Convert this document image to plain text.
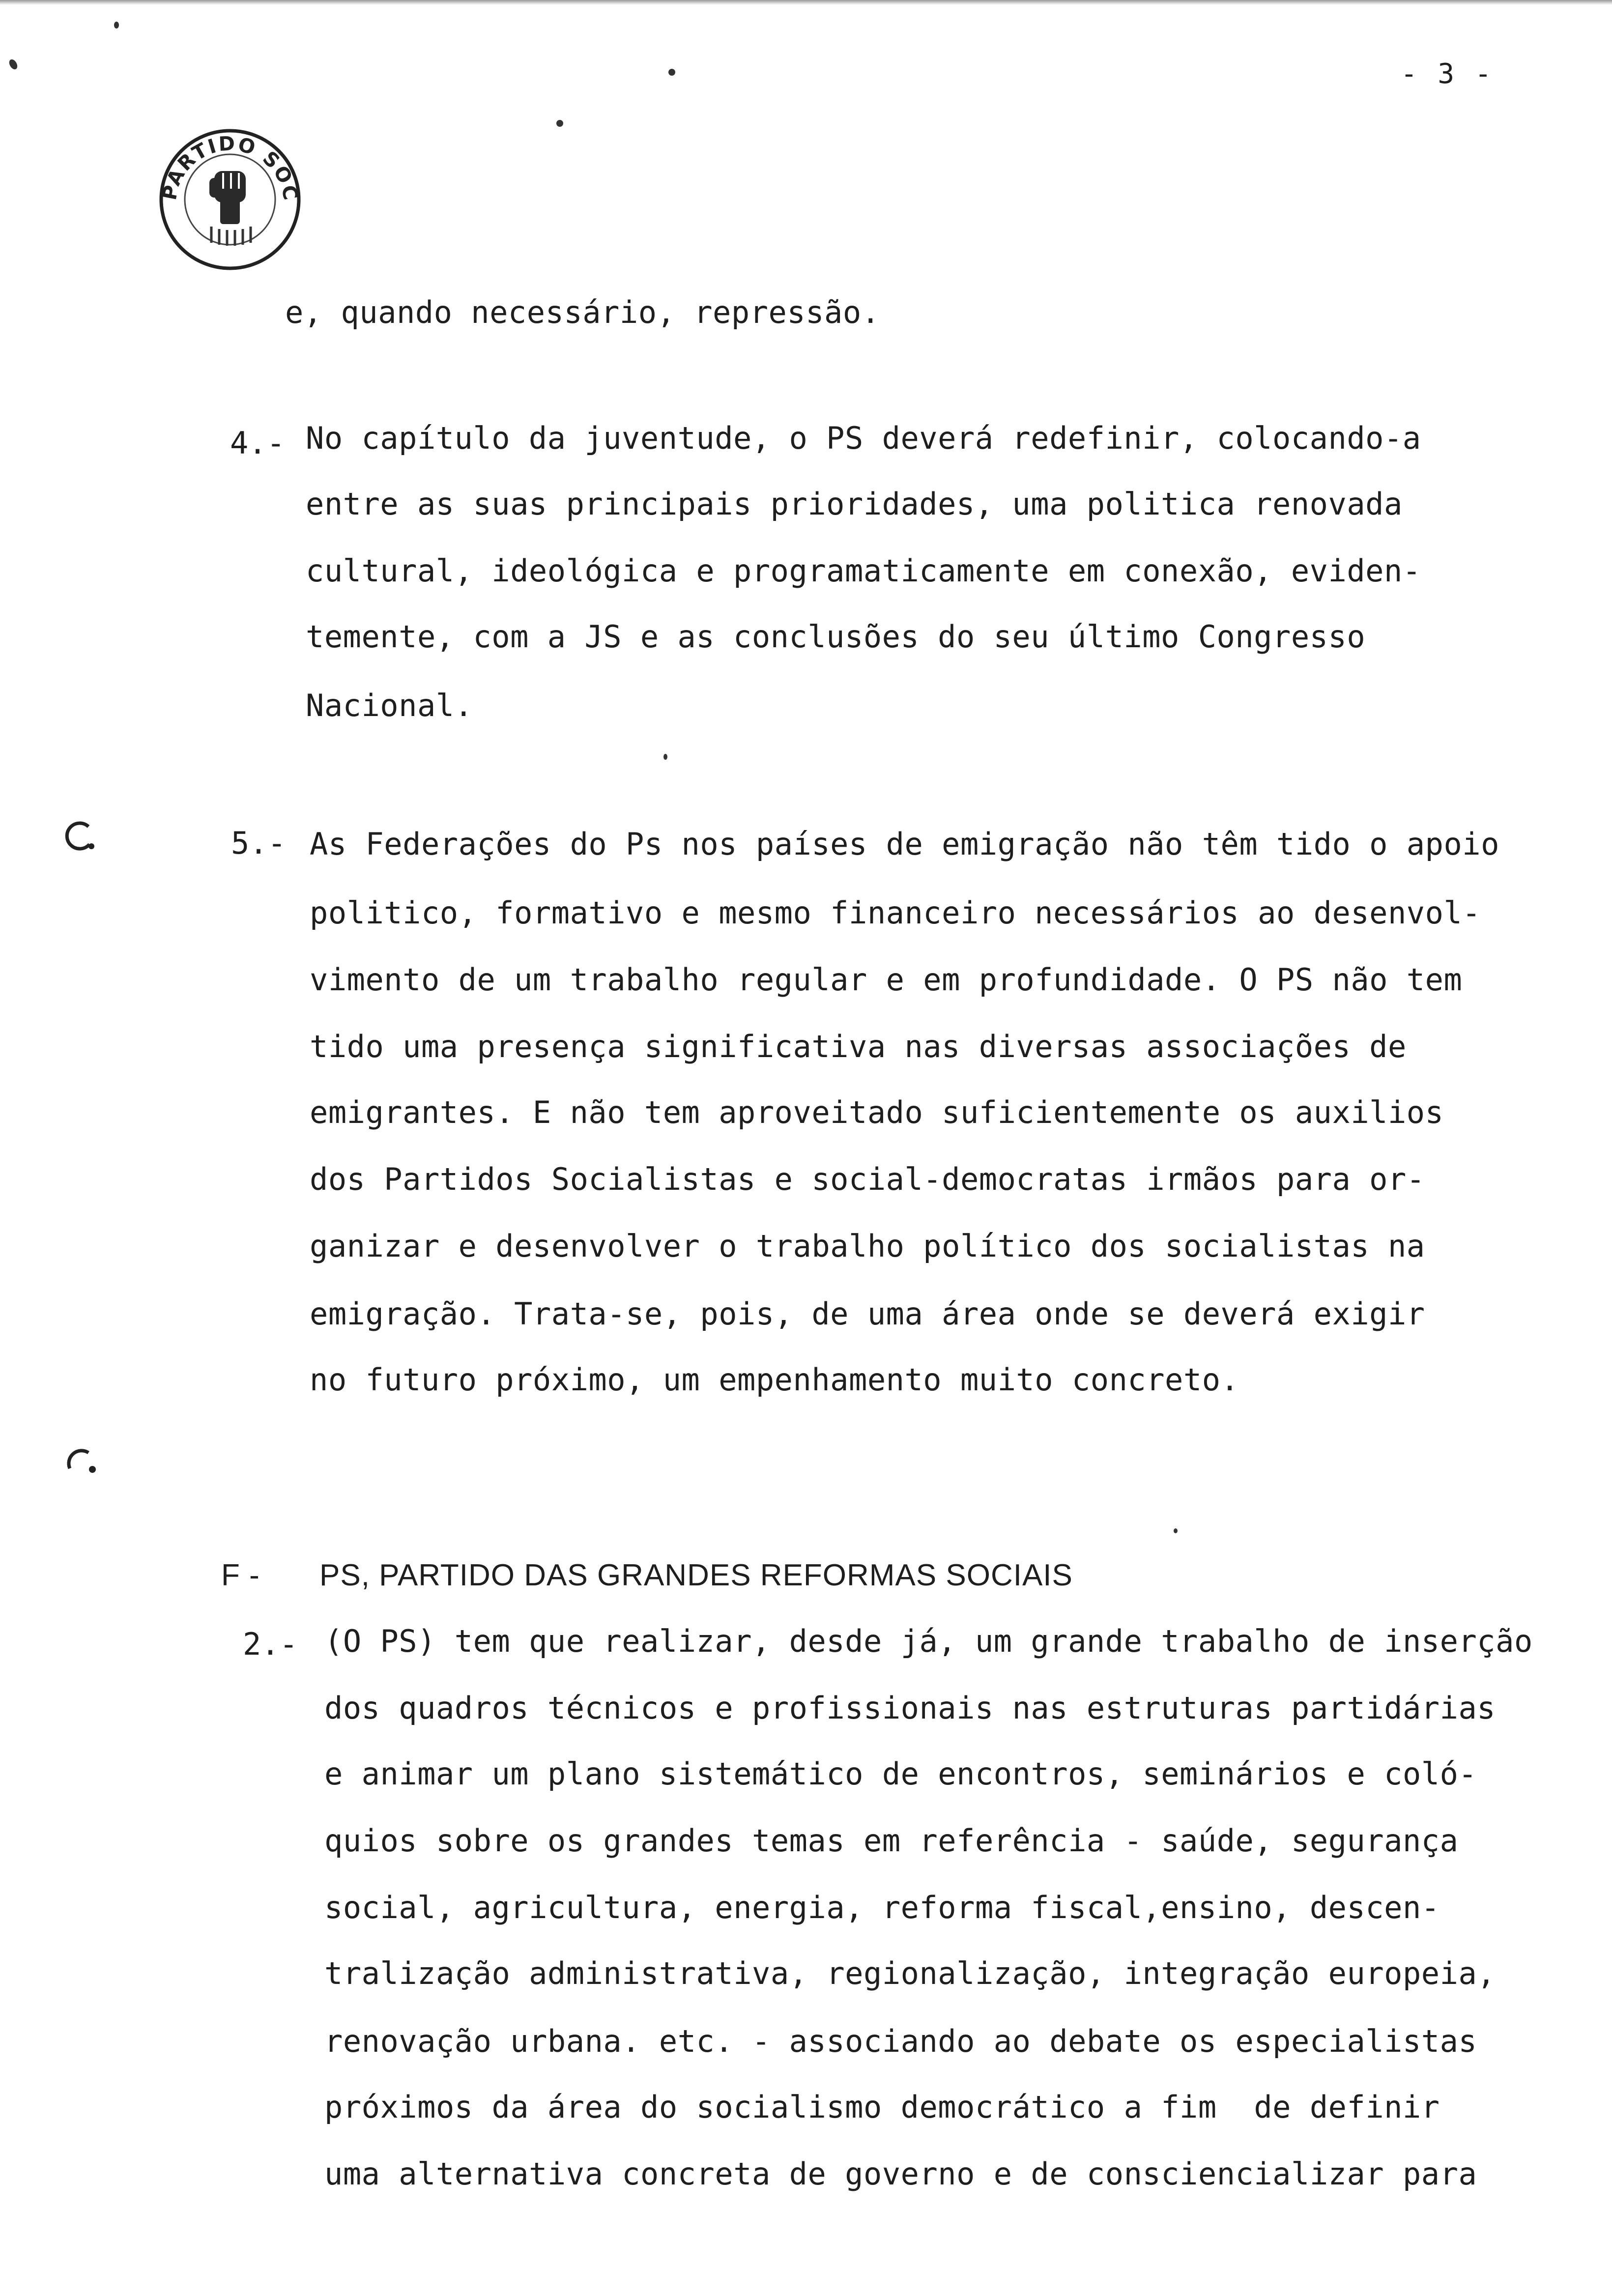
- 3 -
PARTIDO SOC
e, quando necessário, repressão.
4.- No capítulo da juventude, o PS deverá redefinir, colocando-a
entre as suas principais prioridades, uma politica renovada
cultural, ideológica e programaticamente em conexão, eviden-
temente, com a JS e as conclusões do seu último Congresso
Nacional.
5.- As Federações do Ps nos países de emigração não têm tido o apoio
politico, formativo e mesmo financeiro necessários ao desenvol-
vimento de um trabalho regular e em profundidade. O PS não tem
tido uma presença significativa nas diversas associações de
emigrantes. E não tem aproveitado suficientemente os auxilios
dos Partidos Socialistas e social-democratas irmãos para or-
ganizar e desenvolver o trabalho político dos socialistas na
emigração. Trata-se, pois, de uma área onde se deverá exigir
no futuro próximo, um empenhamento muito concreto.
F - PS, PARTIDO DAS GRANDES REFORMAS SOCIAIS
2.- (O PS) tem que realizar, desde já, um grande trabalho de inserção
dos quadros técnicos e profissionais nas estruturas partidárias
e animar um plano sistemático de encontros, seminários e coló-
quios sobre os grandes temas em referência - saúde, segurança
social, agricultura, energia, reforma fiscal,ensino, descen-
tralização administrativa, regionalização, integração europeia,
renovação urbana. etc. - associando ao debate os especialistas
próximos da área do socialismo democrático a fim  de definir
uma alternativa concreta de governo e de consciencializar para
